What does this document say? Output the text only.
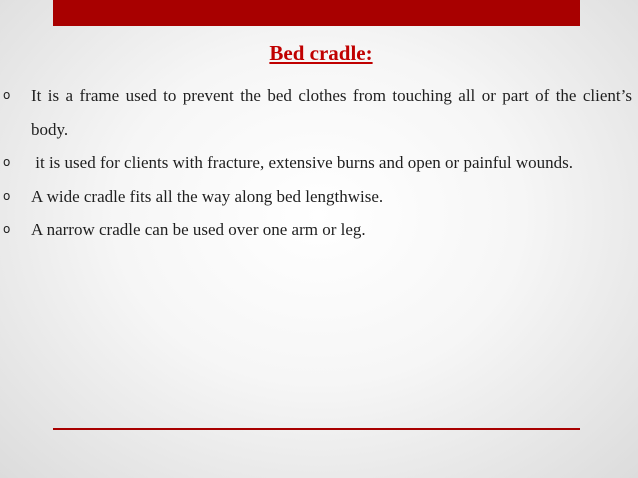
Bed cradle:
o It is a frame used to prevent the bed clothes from touching all or part of the client’s body.
o it is used for clients with fracture, extensive burns and open or painful wounds.
o A wide cradle fits all the way along bed lengthwise.
o A narrow cradle can be used over one arm or leg.
